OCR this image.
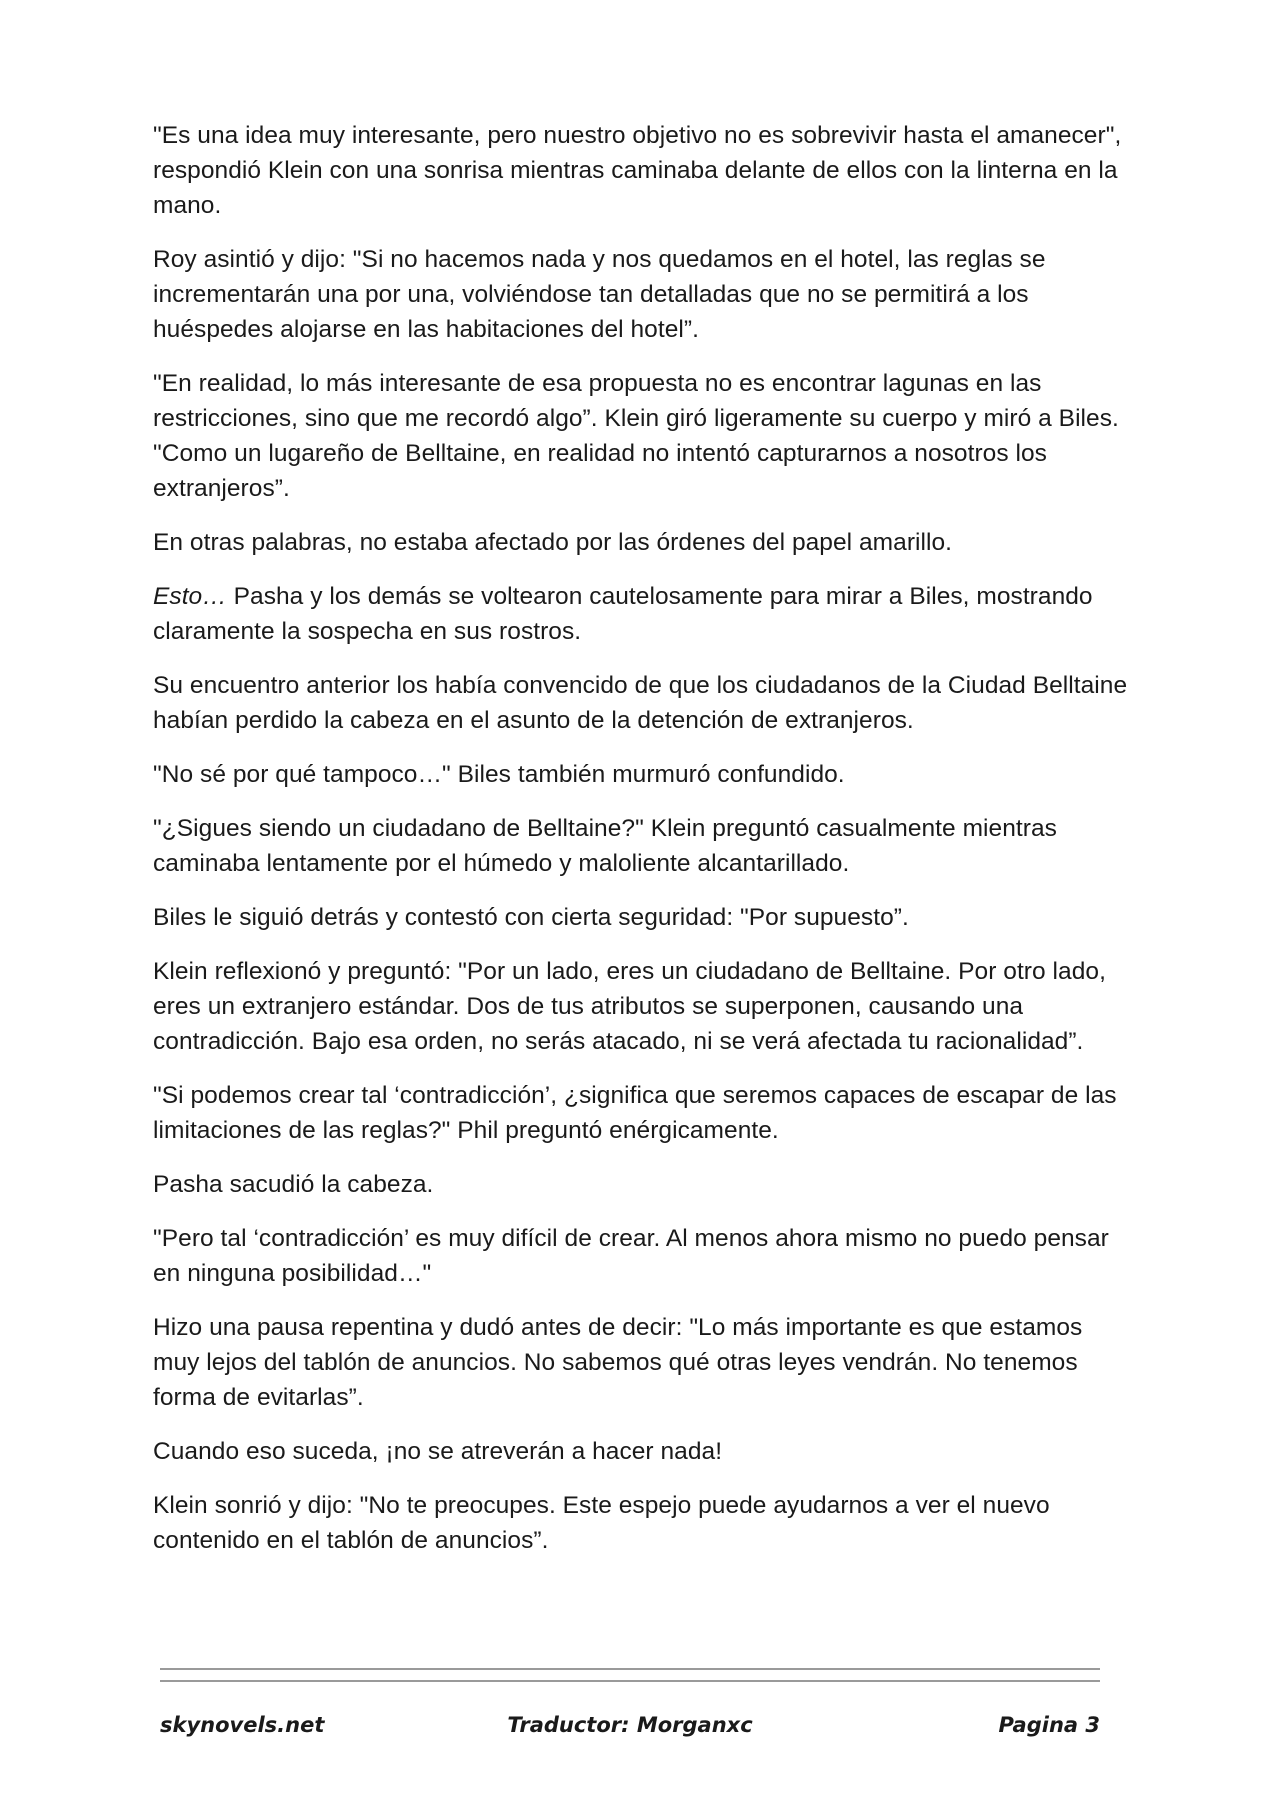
"Es una idea muy interesante, pero nuestro objetivo no es sobrevivir hasta el amanecer", respondió Klein con una sonrisa mientras caminaba delante de ellos con la linterna en la mano.

Roy asintió y dijo: "Si no hacemos nada y nos quedamos en el hotel, las reglas se incrementarán una por una, volviéndose tan detalladas que no se permitirá a los huéspedes alojarse en las habitaciones del hotel”.

"En realidad, lo más interesante de esa propuesta no es encontrar lagunas en las restricciones, sino que me recordó algo”. Klein giró ligeramente su cuerpo y miró a Biles. "Como un lugareño de Belltaine, en realidad no intentó capturarnos a nosotros los extranjeros”.

En otras palabras, no estaba afectado por las órdenes del papel amarillo.

Esto… Pasha y los demás se voltearon cautelosamente para mirar a Biles, mostrando claramente la sospecha en sus rostros.

Su encuentro anterior los había convencido de que los ciudadanos de la Ciudad Belltaine habían perdido la cabeza en el asunto de la detención de extranjeros.

"No sé por qué tampoco…" Biles también murmuró confundido.

"¿Sigues siendo un ciudadano de Belltaine?" Klein preguntó casualmente mientras caminaba lentamente por el húmedo y maloliente alcantarillado.

Biles le siguió detrás y contestó con cierta seguridad: "Por supuesto”.

Klein reflexionó y preguntó: "Por un lado, eres un ciudadano de Belltaine. Por otro lado, eres un extranjero estándar. Dos de tus atributos se superponen, causando una contradicción. Bajo esa orden, no serás atacado, ni se verá afectada tu racionalidad”.

"Si podemos crear tal ‘contradicción’, ¿significa que seremos capaces de escapar de las limitaciones de las reglas?" Phil preguntó enérgicamente.

Pasha sacudió la cabeza.

"Pero tal ‘contradicción’ es muy difícil de crear. Al menos ahora mismo no puedo pensar en ninguna posibilidad…"

Hizo una pausa repentina y dudó antes de decir: "Lo más importante es que estamos muy lejos del tablón de anuncios. No sabemos qué otras leyes vendrán. No tenemos forma de evitarlas”.

Cuando eso suceda, ¡no se atreverán a hacer nada!

Klein sonrió y dijo: "No te preocupes. Este espejo puede ayudarnos a ver el nuevo contenido en el tablón de anuncios”.

skynovels.net	Traductor: Morganxc	Pagina 3
